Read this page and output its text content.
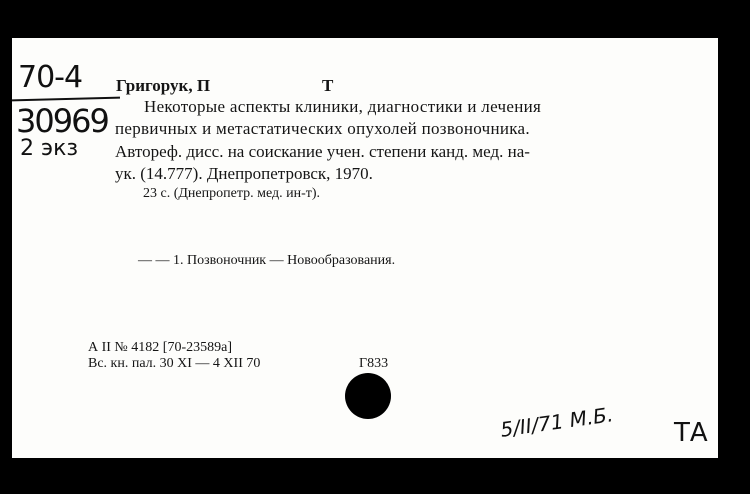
70-4
30969
2 экз
Григорук, П	Т
Некоторые аспекты клиники, диагностики и лечения
первичных и метастатических опухолей позвоночника.
Автореф. дисс. на соискание учен. степени канд. мед. на-
ук. (14.777). Днепропетровск, 1970.
23 с. (Днепропетр. мед. ин-т).
— — 1. Позвоночник — Новообразования.
А II № 4182 [70-23589а]
Вс. кн. пал. 30 XI — 4 XII 70	Г833
5/ІІ/71 М.Б. ТА
